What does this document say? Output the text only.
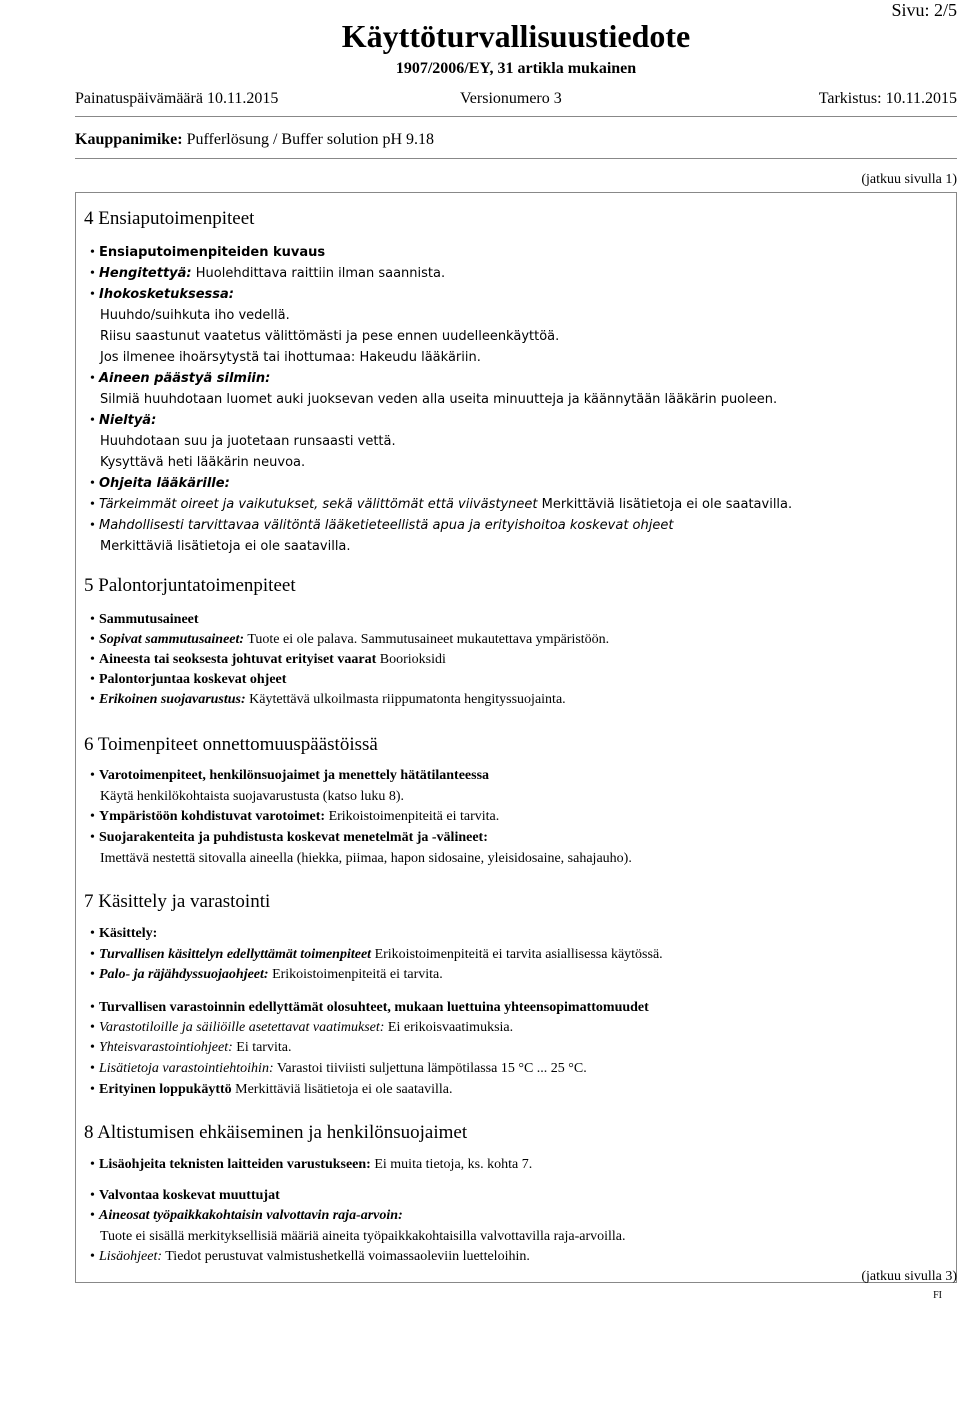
Sivu: 2/5
Käyttöturvallisuustiedote
1907/2006/EY, 31 artikla mukainen
Painatuspäivämäärä 10.11.2015	Versionumero 3	Tarkistus: 10.11.2015
Kauppanimike: Pufferlösung / Buffer solution pH 9.18
(jatkuu sivulla 1)
4 Ensiaputoimenpiteet
• Ensiaputoimenpiteiden kuvaus
• Hengitettyä: Huolehdittava raittiin ilman saannista.
• Ihokosketuksessa:
Huuhdo/suihkuta iho vedellä.
Riisu saastunut vaatetus välittömästi ja pese ennen uudelleenkäyttöä.
Jos ilmenee ihoärsytystä tai ihottumaa: Hakeudu lääkäriin.
• Aineen päästyä silmiin:
Silmiä huuhdotaan luomet auki juoksevan veden alla useita minuutteja ja käännytään lääkärin puoleen.
• Nieltyä:
Huuhdotaan suu ja juotetaan runsaasti vettä.
Kysyttävä heti lääkärin neuvoa.
• Ohjeita lääkärille:
• Tärkeimmät oireet ja vaikutukset, sekä välittömät että viivästyneet Merkittäviä lisätietoja ei ole saatavilla.
• Mahdollisesti tarvittavaa välitöntä lääketieteellistä apua ja erityishoitoa koskevat ohjeet
Merkittäviä lisätietoja ei ole saatavilla.
5 Palontorjuntatoimenpiteet
• Sammutusaineet
• Sopivat sammutusaineet: Tuote ei ole palava. Sammutusaineet mukautettava ympäristöön.
• Aineesta tai seoksesta johtuvat erityiset vaarat Boorioksidi
• Palontorjuntaa koskevat ohjeet
• Erikoinen suojavarustus: Käytettävä ulkoilmasta riippumatonta hengityssuojainta.
6 Toimenpiteet onnettomuuspäästöissä
• Varotoimenpiteet, henkilönsuojaimet ja menettely hätätilanteessa
Käytä henkilökohtaista suojavarustusta (katso luku 8).
• Ympäristöön kohdistuvat varotoimet: Erikoistoimenpiteitä ei tarvita.
• Suojarakenteita ja puhdistusta koskevat menetelmät ja -välineet:
Imettävä nestettä sitovalla aineella (hiekka, piimaa, hapon sidosaine, yleisidosaine, sahajauho).
7 Käsittely ja varastointi
• Käsittely:
• Turvallisen käsittelyn edellyttämät toimenpiteet Erikoistoimenpiteitä ei tarvita asiallisessa käytössä.
• Palo- ja räjähdyssuojaohjeet: Erikoistoimenpiteitä ei tarvita.
• Turvallisen varastoinnin edellyttämät olosuhteet, mukaan luettuina yhteensopimattomuudet
• Varastotiloille ja säiliöille asetettavat vaatimukset: Ei erikoisvaatimuksia.
• Yhteisvarastointiohjeet: Ei tarvita.
• Lisätietoja varastointiehtoihin: Varastoi tiiviisti suljettuna lämpötilassa 15 °C ... 25 °C.
• Erityinen loppukäyttö Merkittäviä lisätietoja ei ole saatavilla.
8 Altistumisen ehkäiseminen ja henkilönsuojaimet
• Lisäohjeita teknisten laitteiden varustukseen: Ei muita tietoja, ks. kohta 7.
• Valvontaa koskevat muuttujat
• Aineosat työpaikkakohtaisin valvottavin raja-arvoin:
Tuote ei sisällä merkityksellisiä määriä aineita työpaikkakohtaisilla valvottavilla raja-arvoilla.
• Lisäohjeet: Tiedot perustuvat valmistushetkellä voimassaoleviin luetteloihin.
(jatkuu sivulla 3)
FI
